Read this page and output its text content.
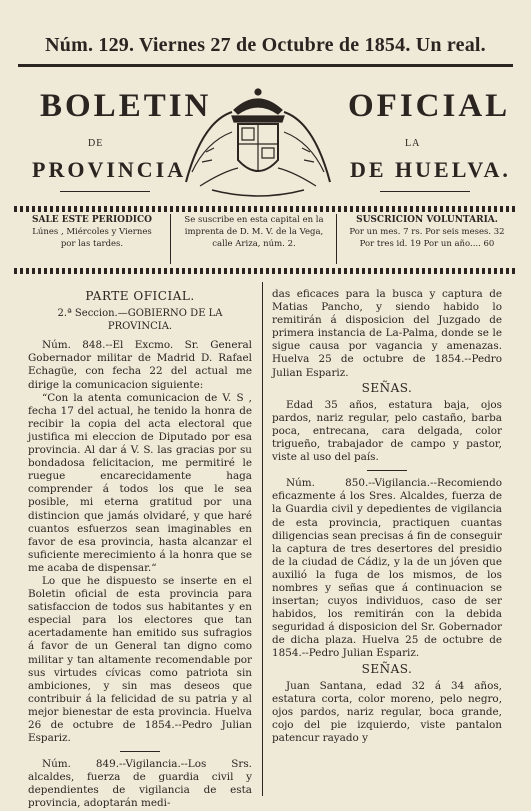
Núm. 129. Viernes 27 de Octubre de 1854. Un real.
BOLETIN	OFICIAL
DE	LA
PROVINCIA	DE HUELVA.
SALE ESTE PERIODICO
Lúnes , Miércoles y Viernes
por las tardes.
Se suscribe en esta capital en la
imprenta de D. M. V. de la Vega,
calle Ariza, núm. 2.
SUSCRICION VOLUNTARIA.
Por un mes. 7 rs. Por seis meses. 32
Por tres id. 19 Por un año.... 60
PARTE OFICIAL.
2.ª Seccion.—GOBIERNO DE LA PROVINCIA.

Núm. 848.--El Excmo. Sr. General Gobernador militar de Madrid D. Rafael Echagüe, con fecha 22 del actual me dirige la comunicacion siguiente:

“Con la atenta comunicacion de V. S , fecha 17 del actual, he tenido la honra de recibir la copia del acta electoral que justifica mi eleccion de Diputado por esa provincia. Al dar á V. S. las gracias por su bondadosa felicitacion, me permitiré le ruegue encarecidamente haga comprender á todos los que le sea posible, mi eterna gratitud por una distincion que jamás olvidaré, y que haré cuantos esfuerzos sean imaginables en favor de esa provincia, hasta alcanzar el suficiente merecimiento á la honra que se me acaba de dispensar.“

Lo que he dispuesto se inserte en el Boletin oficial de esta provincia para satisfaccion de todos sus habitantes y en especial para los electores que tan acertadamente han emitido sus sufragios á favor de un General tan digno como militar y tan altamente recomendable por sus virtudes cívicas como patriota sin ambiciones, y sin mas deseos que contribuir á la felicidad de su patria y al mejor bienestar de esta provincia. Huelva 26 de octubre de 1854.--Pedro Julian Espariz.

Núm. 849.--Vigilancia.--Los Srs. alcaldes, fuerza de guardia civil y dependientes de vigilancia de esta provincia, adoptarán medi-

das eficaces para la busca y captura de Matias Pancho, y siendo habido lo remitirán á disposicion del Juzgado de primera instancia de La-Palma, donde se le sigue causa por vagancia y amenazas. Huelva 25 de octubre de 1854.--Pedro Julian Espariz.

SEÑAS.

Edad 35 años, estatura baja, ojos pardos, nariz regular, pelo castaño, barba poca, entrecana, cara delgada, color trigueño, trabajador de campo y pastor, viste al uso del país.

Núm. 850.--Vigilancia.--Recomiendo eficazmente á los Sres. Alcaldes, fuerza de la Guardia civil y depedientes de vigilancia de esta provincia, practiquen cuantas diligencias sean precisas á fin de conseguir la captura de tres desertores del presidio de la ciudad de Cádiz, y la de un jóven que auxilió la fuga de los mismos, de los nombres y señas que á continuacion se insertan; cuyos individuos, caso de ser habidos, los remitirán con la debida seguridad á disposicion del Sr. Gobernador de dicha plaza. Huelva 25 de octubre de 1854.--Pedro Julian Espariz.

SEÑAS.

Juan Santana, edad 32 á 34 años, estatura corta, color moreno, pelo negro, ojos pardos, nariz regular, boca grande, cojo del pie izquierdo, viste pantalon patencur rayado y
